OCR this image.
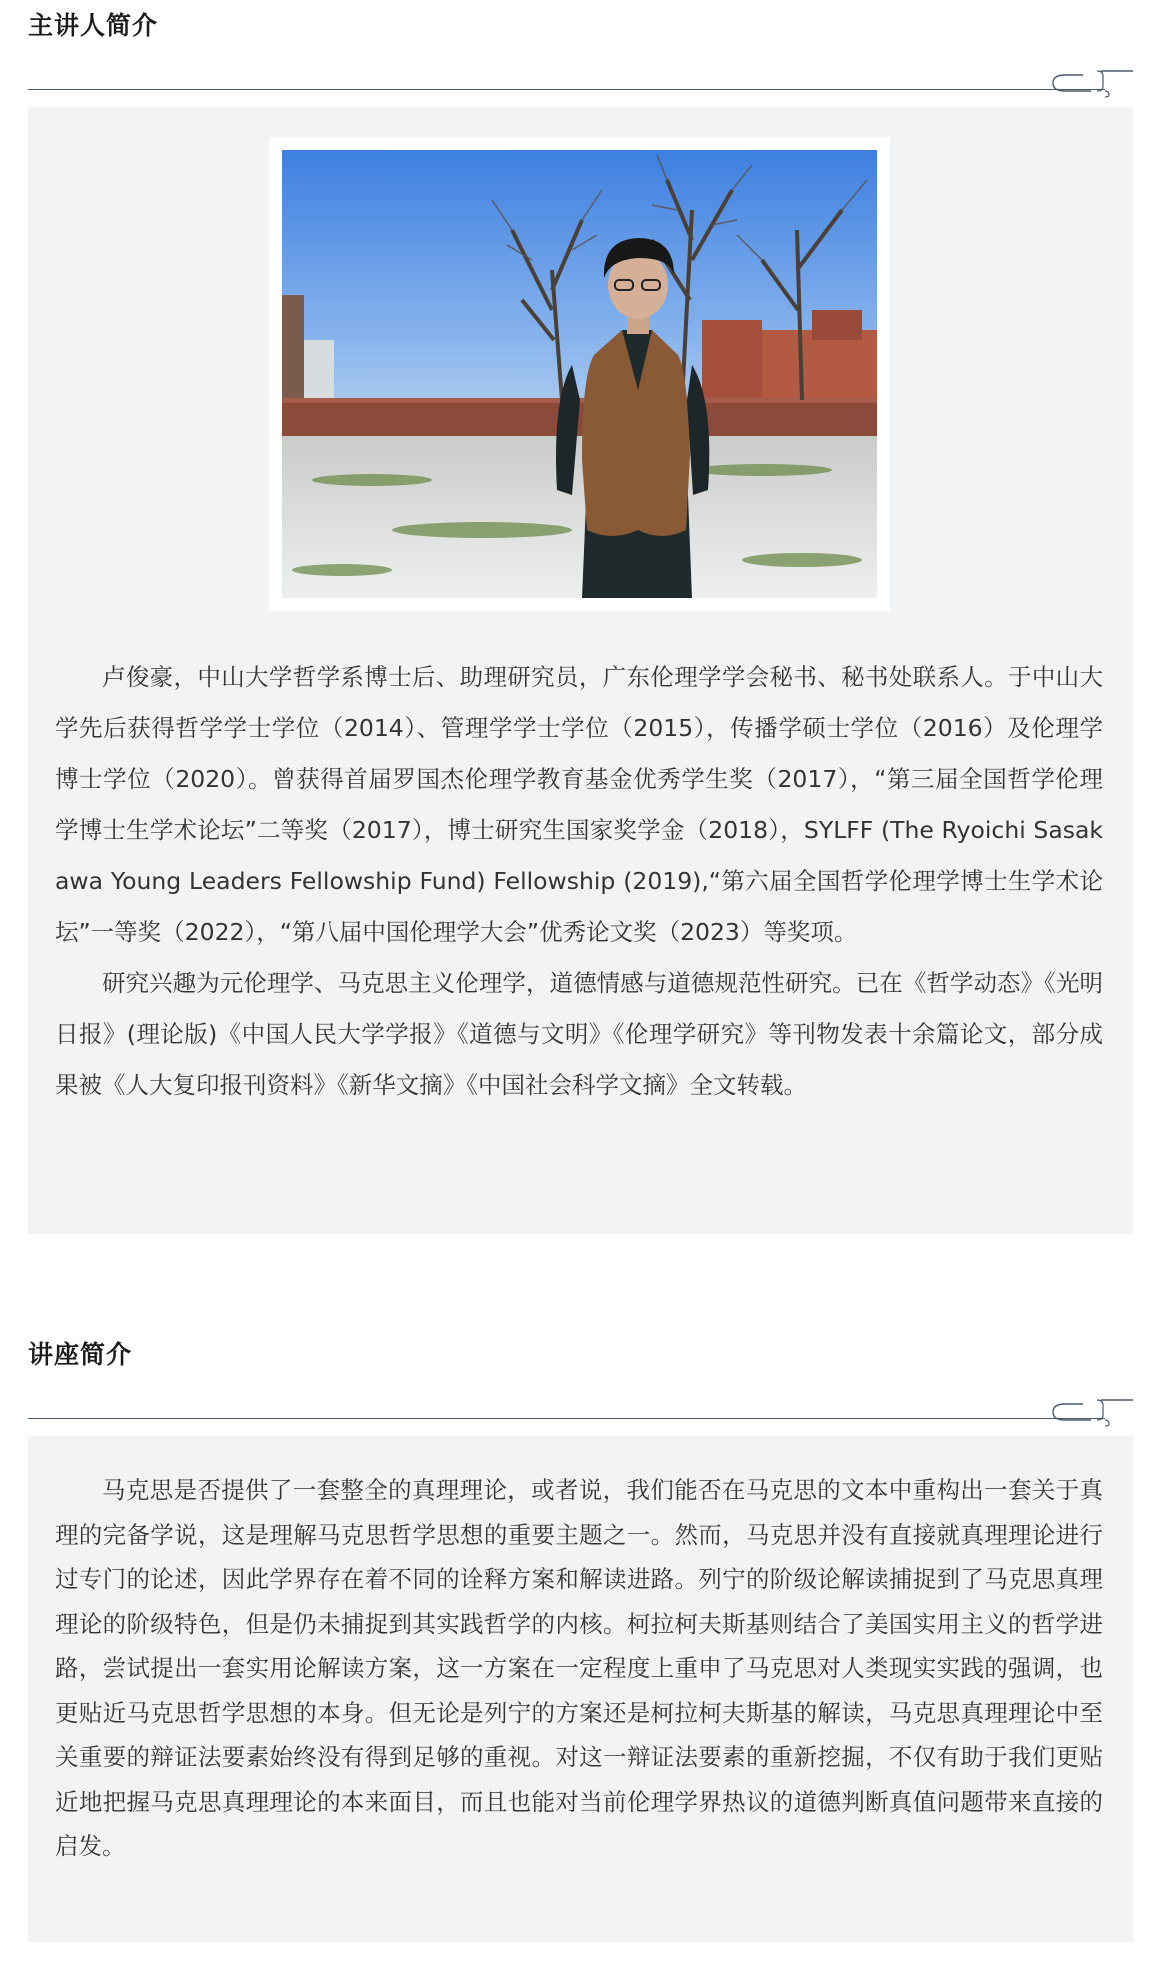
主讲人简介

卢俊豪，中山大学哲学系博士后、助理研究员，广东伦理学学会秘书、秘书处联系人。于中山大学先后获得哲学学士学位（2014）、管理学学士学位（2015），传播学硕士学位（2016）及伦理学博士学位（2020）。曾获得首届罗国杰伦理学教育基金优秀学生奖（2017），“第三届全国哲学伦理学博士生学术论坛”二等奖（2017），博士研究生国家奖学金（2018），SYLFF (The Ryoichi Sasakawa Young Leaders Fellowship Fund) Fellowship (2019),“第六届全国哲学伦理学博士生学术论坛”一等奖（2022），“第八届中国伦理学大会”优秀论文奖（2023）等奖项。

研究兴趣为元伦理学、马克思主义伦理学，道德情感与道德规范性研究。已在《哲学动态》《光明日报》(理论版)《中国人民大学学报》《道德与文明》《伦理学研究》等刊物发表十余篇论文，部分成果被《人大复印报刊资料》《新华文摘》《中国社会科学文摘》全文转载。

讲座简介

马克思是否提供了一套整全的真理理论，或者说，我们能否在马克思的文本中重构出一套关于真理的完备学说，这是理解马克思哲学思想的重要主题之一。然而，马克思并没有直接就真理理论进行过专门的论述，因此学界存在着不同的诠释方案和解读进路。列宁的阶级论解读捕捉到了马克思真理理论的阶级特色，但是仍未捕捉到其实践哲学的内核。柯拉柯夫斯基则结合了美国实用主义的哲学进路，尝试提出一套实用论解读方案，这一方案在一定程度上重申了马克思对人类现实实践的强调，也更贴近马克思哲学思想的本身。但无论是列宁的方案还是柯拉柯夫斯基的解读，马克思真理理论中至关重要的辩证法要素始终没有得到足够的重视。对这一辩证法要素的重新挖掘，不仅有助于我们更贴近地把握马克思真理理论的本来面目，而且也能对当前伦理学界热议的道德判断真值问题带来直接的启发。
